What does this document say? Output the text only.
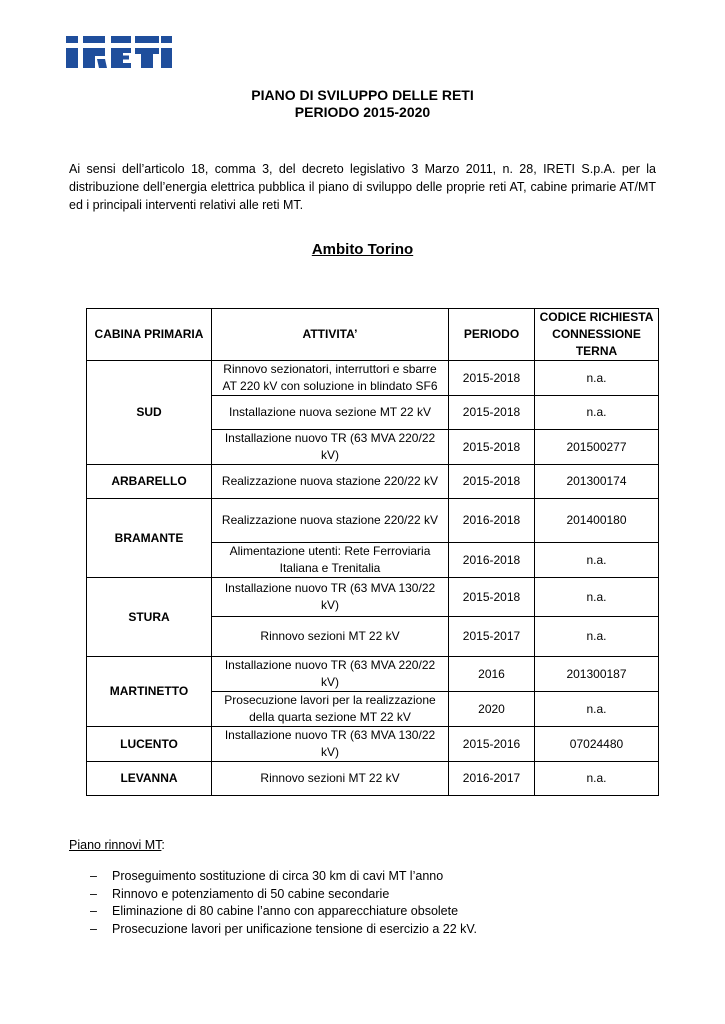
PIANO DI SVILUPPO DELLE RETI
PERIODO 2015-2020
Ai sensi dell’articolo 18, comma 3, del decreto legislativo 3 Marzo 2011, n. 28, IRETI S.p.A. per la distribuzione dell’energia elettrica pubblica il piano di sviluppo delle proprie reti AT, cabine primarie AT/MT ed i principali interventi relativi alle reti MT.
Ambito Torino
CABINA PRIMARIA	ATTIVITA’	PERIODO	CODICE RICHIESTA CONNESSIONE TERNA
SUD	Rinnovo sezionatori, interruttori e sbarre AT 220 kV con soluzione in blindato SF6	2015-2018	n.a.
	Installazione nuova sezione MT 22 kV	2015-2018	n.a.
	Installazione nuovo TR (63 MVA 220/22 kV)	2015-2018	201500277
ARBARELLO	Realizzazione nuova stazione 220/22 kV	2015-2018	201300174
BRAMANTE	Realizzazione nuova stazione 220/22 kV	2016-2018	201400180
	Alimentazione utenti: Rete Ferroviaria Italiana e Trenitalia	2016-2018	n.a.
STURA	Installazione nuovo TR (63 MVA 130/22 kV)	2015-2018	n.a.
	Rinnovo sezioni MT 22 kV	2015-2017	n.a.
MARTINETTO	Installazione nuovo TR (63 MVA 220/22 kV)	2016	201300187
	Prosecuzione lavori per la realizzazione della quarta sezione MT 22 kV	2020	n.a.
LUCENTO	Installazione nuovo TR (63 MVA 130/22 kV)	2015-2016	07024480
LEVANNA	Rinnovo sezioni MT 22 kV	2016-2017	n.a.
Piano rinnovi MT:
– Proseguimento sostituzione di circa 30 km di cavi MT l’anno
– Rinnovo e potenziamento di 50 cabine secondarie
– Eliminazione di 80 cabine l’anno con apparecchiature obsolete
– Prosecuzione lavori per unificazione tensione di esercizio a 22 kV.
